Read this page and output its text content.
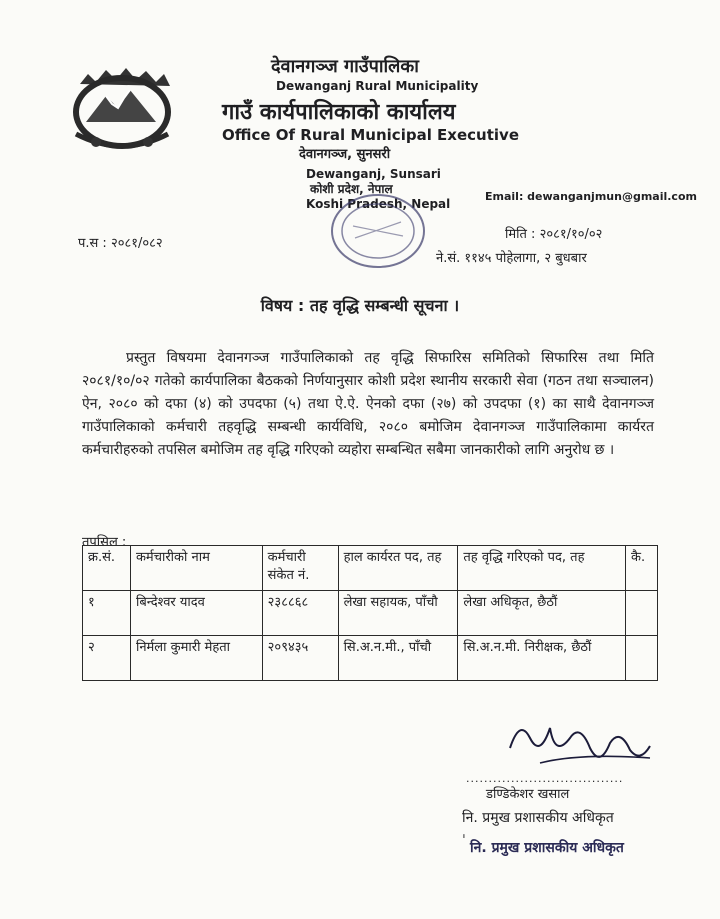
देवानगञ्ज गाउँपालिका
Dewanganj Rural Municipality
गाउँ कार्यपालिकाको कार्यालय
Office Of Rural Municipal Executive
देवानगञ्ज, सुनसरी
Dewanganj, Sunsari
कोशी प्रदेश, नेपाल
Koshi Pradesh, Nepal
Email: dewanganjmun@gmail.com
प.स : २०८१/०८२
मिति : २०८१/१०/०२
ने.सं. ११४५ पोहेलागा, २ बुधबार
विषय : तह वृद्धि सम्बन्धी सूचना ।
प्रस्तुत विषयमा देवानगञ्ज गाउँपालिकाको तह वृद्धि सिफारिस समितिको सिफारिस तथा मिति २०८१/१०/०२ गतेको कार्यपालिका बैठकको निर्णयानुसार कोशी प्रदेश स्थानीय सरकारी सेवा (गठन तथा सञ्चालन) ऐन, २०८० को दफा (४) को उपदफा (५) तथा ऐ.ऐ. ऐनको दफा (२७) को उपदफा (१) का साथै देवानगञ्ज गाउँपालिकाको कर्मचारी तहवृद्धि सम्बन्धी कार्यविधि, २०८० बमोजिम देवानगञ्ज गाउँपालिकामा कार्यरत कर्मचारीहरुको तपसिल बमोजिम तह वृद्धि गरिएको व्यहोरा सम्बन्धित सबैमा जानकारीको लागि अनुरोध छ ।
तपसिल :
क्र.सं.	कर्मचारीको नाम	कर्मचारी संकेत नं.	हाल कार्यरत पद, तह	तह वृद्धि गरिएको पद, तह	कै.
१	बिन्देश्वर यादव	२३८८६८	लेखा सहायक, पाँचौ	लेखा अधिकृत, छैठौं	
२	निर्मला कुमारी मेहता	२०९४३५	सि.अ.न.मी., पाँचौ	सि.अ.न.मी. निरीक्षक, छैठौं	
...................................
डण्डिकेशर खसाल
नि. प्रमुख प्रशासकीय अधिकृत
ˈ नि. प्रमुख प्रशासकीय अधिकृत
